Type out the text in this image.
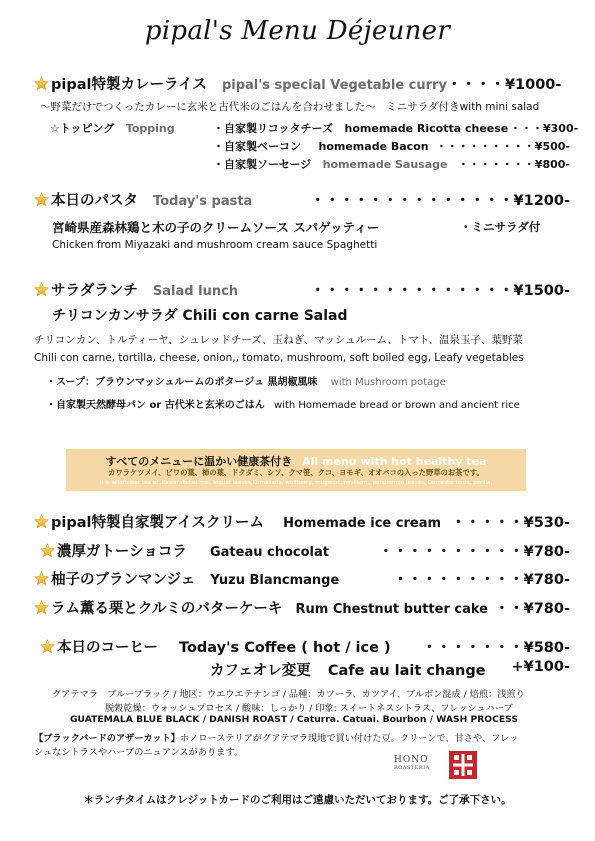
pipal's Menu Déjeuner
pipal特製カレーライス pipal's special Vegetable curry・・・・¥1000-
〜野菜だけでつくったカレーに玄米と古代米のごはんを合わせました〜　ミニサラダ付きwith mini salad
☆トッピング Topping	・自家製リコッタチーズ homemade Ricotta cheese ・・・¥300-
・自家製ベーコン homemade Bacon ・・・・・・・・・¥500-
・自家製ソーセージ homemade Sausage ・・・・・・・¥800-
本日のパスタ Today's pasta	・・・・・・・・・・・・・・¥1200-
宮崎県産森林鶏と木の子のクリームソース スパゲッティー	・ミニサラダ付
Chicken from Miyazaki and mushroom cream sauce Spaghetti
サラダランチ Salad lunch	・・・・・・・・・・・・・・¥1500-
チリコンカンサラダ Chili con carne Salad
チリコンカン、トルティーヤ、シュレッドチーズ、玉ねぎ、マッシュルーム、トマト、温泉玉子、葉野菜
Chili con carne, tortilla, cheese, onion,, tomato, mushroom, soft boiled egg, Leafy vegetables
・スープ：ブラウンマッシュルームのポタージュ 黒胡椒風味 with Mushroom potage
・自家製天然酵母パン or 古代米と玄米のごはん with Homemade bread or brown and ancient rice
すべてのメニューに温かい健康茶付き All menu with hot healthy tea
カワラケツメイ、ビワの葉、柿の葉、ドクダミ、シソ、クマ笹、クコ、ヨモギ、オオバコの入った野草のお茶です。
It is wildflower tea of ,Kawaraketsu mei, loquat leaves,Kumasada, wolfberry, mugwort, psyllium,, persimmon leaves, Domestic birds, perilla,
pipal特製自家製アイスクリーム Homemade ice cream ・・・・・¥530-
濃厚ガトーショコラ Gateau chocolat	・・・・・・・・・・¥780-
柚子のブランマンジェ Yuzu Blancmange	・・・・・・・・・¥780-
ラム薫る栗とクルミのバターケーキ Rum Chestnut butter cake ・・¥780-
本日のコーヒー Today's Coffee ( hot / ice )	・・・・・・・¥580-
カフェオレ変更 Cafe au lait change	+¥100-
グアテマラ　ブルーブラック / 地区：ウエウエテナンゴ / 品種：カツーラ、カツアイ、ブルボン混成 / 焙煎：浅煎り
脱穀乾燥：ウォッシュプロセス / 酸味：しっかり / 印象: スイートネスシトラス、フレッシュハーブ
GUATEMALA BLUE BLACK / DANISH ROAST / Caturra. Catuai. Bourbon / WASH PROCESS
【ブラックバードのアザーカット】ホノローステリアがグアテマラ現地で買い付けた豆。クリーンで、甘さや、フレッ
シュなシトラスやハーブのニュアンスがあります。
HONO
ROASTERIA
＊ランチタイムはクレジットカードのご利用はご遠慮いただいております。ご了承下さい。
